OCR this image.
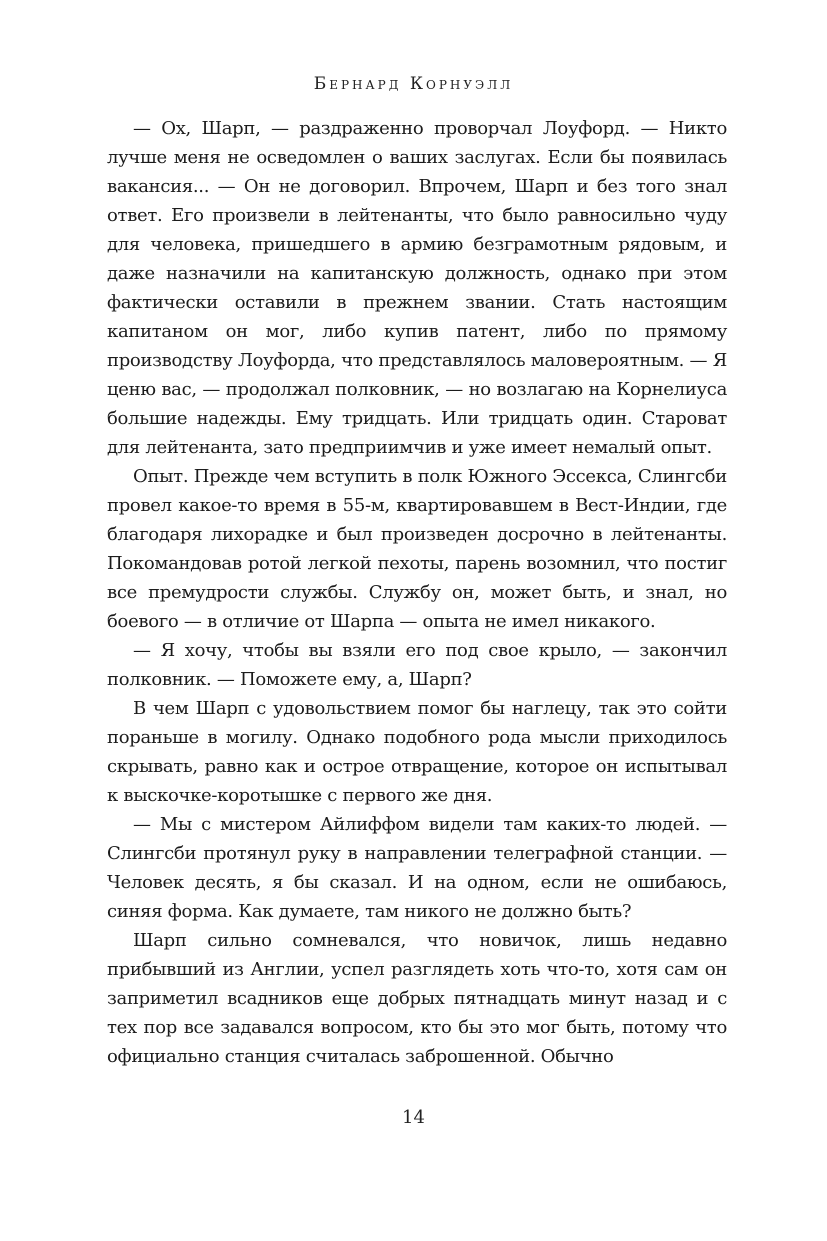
Бернард Корнуэлл

— Ох, Шарп, — раздраженно проворчал Лоуфорд. — Никто лучше меня не осведомлен о ваших заслугах. Если бы появилась вакансия... — Он не договорил. Впрочем, Шарп и без того знал ответ. Его произвели в лейтенанты, что было равносильно чуду для человека, пришедшего в армию безграмотным рядовым, и даже назначили на капитанскую должность, однако при этом фактически оставили в прежнем звании. Стать настоящим капитаном он мог, либо купив патент, либо по прямому производству Лоуфорда, что представлялось маловероятным. — Я ценю вас, — продолжал полковник, — но возлагаю на Корнелиуса большие надежды. Ему тридцать. Или тридцать один. Староват для лейтенанта, зато предприимчив и уже имеет немалый опыт.

Опыт. Прежде чем вступить в полк Южного Эссекса, Слингсби провел какое-то время в 55-м, квартировавшем в Вест-Индии, где благодаря лихорадке и был произведен досрочно в лейтенанты. Покомандовав ротой легкой пехоты, парень возомнил, что постиг все премудрости службы. Службу он, может быть, и знал, но боевого — в отличие от Шарпа — опыта не имел никакого.

— Я хочу, чтобы вы взяли его под свое крыло, — закончил полковник. — Поможете ему, а, Шарп?

В чем Шарп с удовольствием помог бы наглецу, так это сойти пораньше в могилу. Однако подобного рода мысли приходилось скрывать, равно как и острое отвращение, которое он испытывал к выскочке-коротышке с первого же дня.

— Мы с мистером Айлиффом видели там каких-то людей. — Слингсби протянул руку в направлении телеграфной станции. — Человек десять, я бы сказал. И на одном, если не ошибаюсь, синяя форма. Как думаете, там никого не должно быть?

Шарп сильно сомневался, что новичок, лишь недавно прибывший из Англии, успел разглядеть хоть что-то, хотя сам он заприметил всадников еще добрых пятнадцать минут назад и с тех пор все задавался вопросом, кто бы это мог быть, потому что официально станция считалась заброшенной. Обычно

14
